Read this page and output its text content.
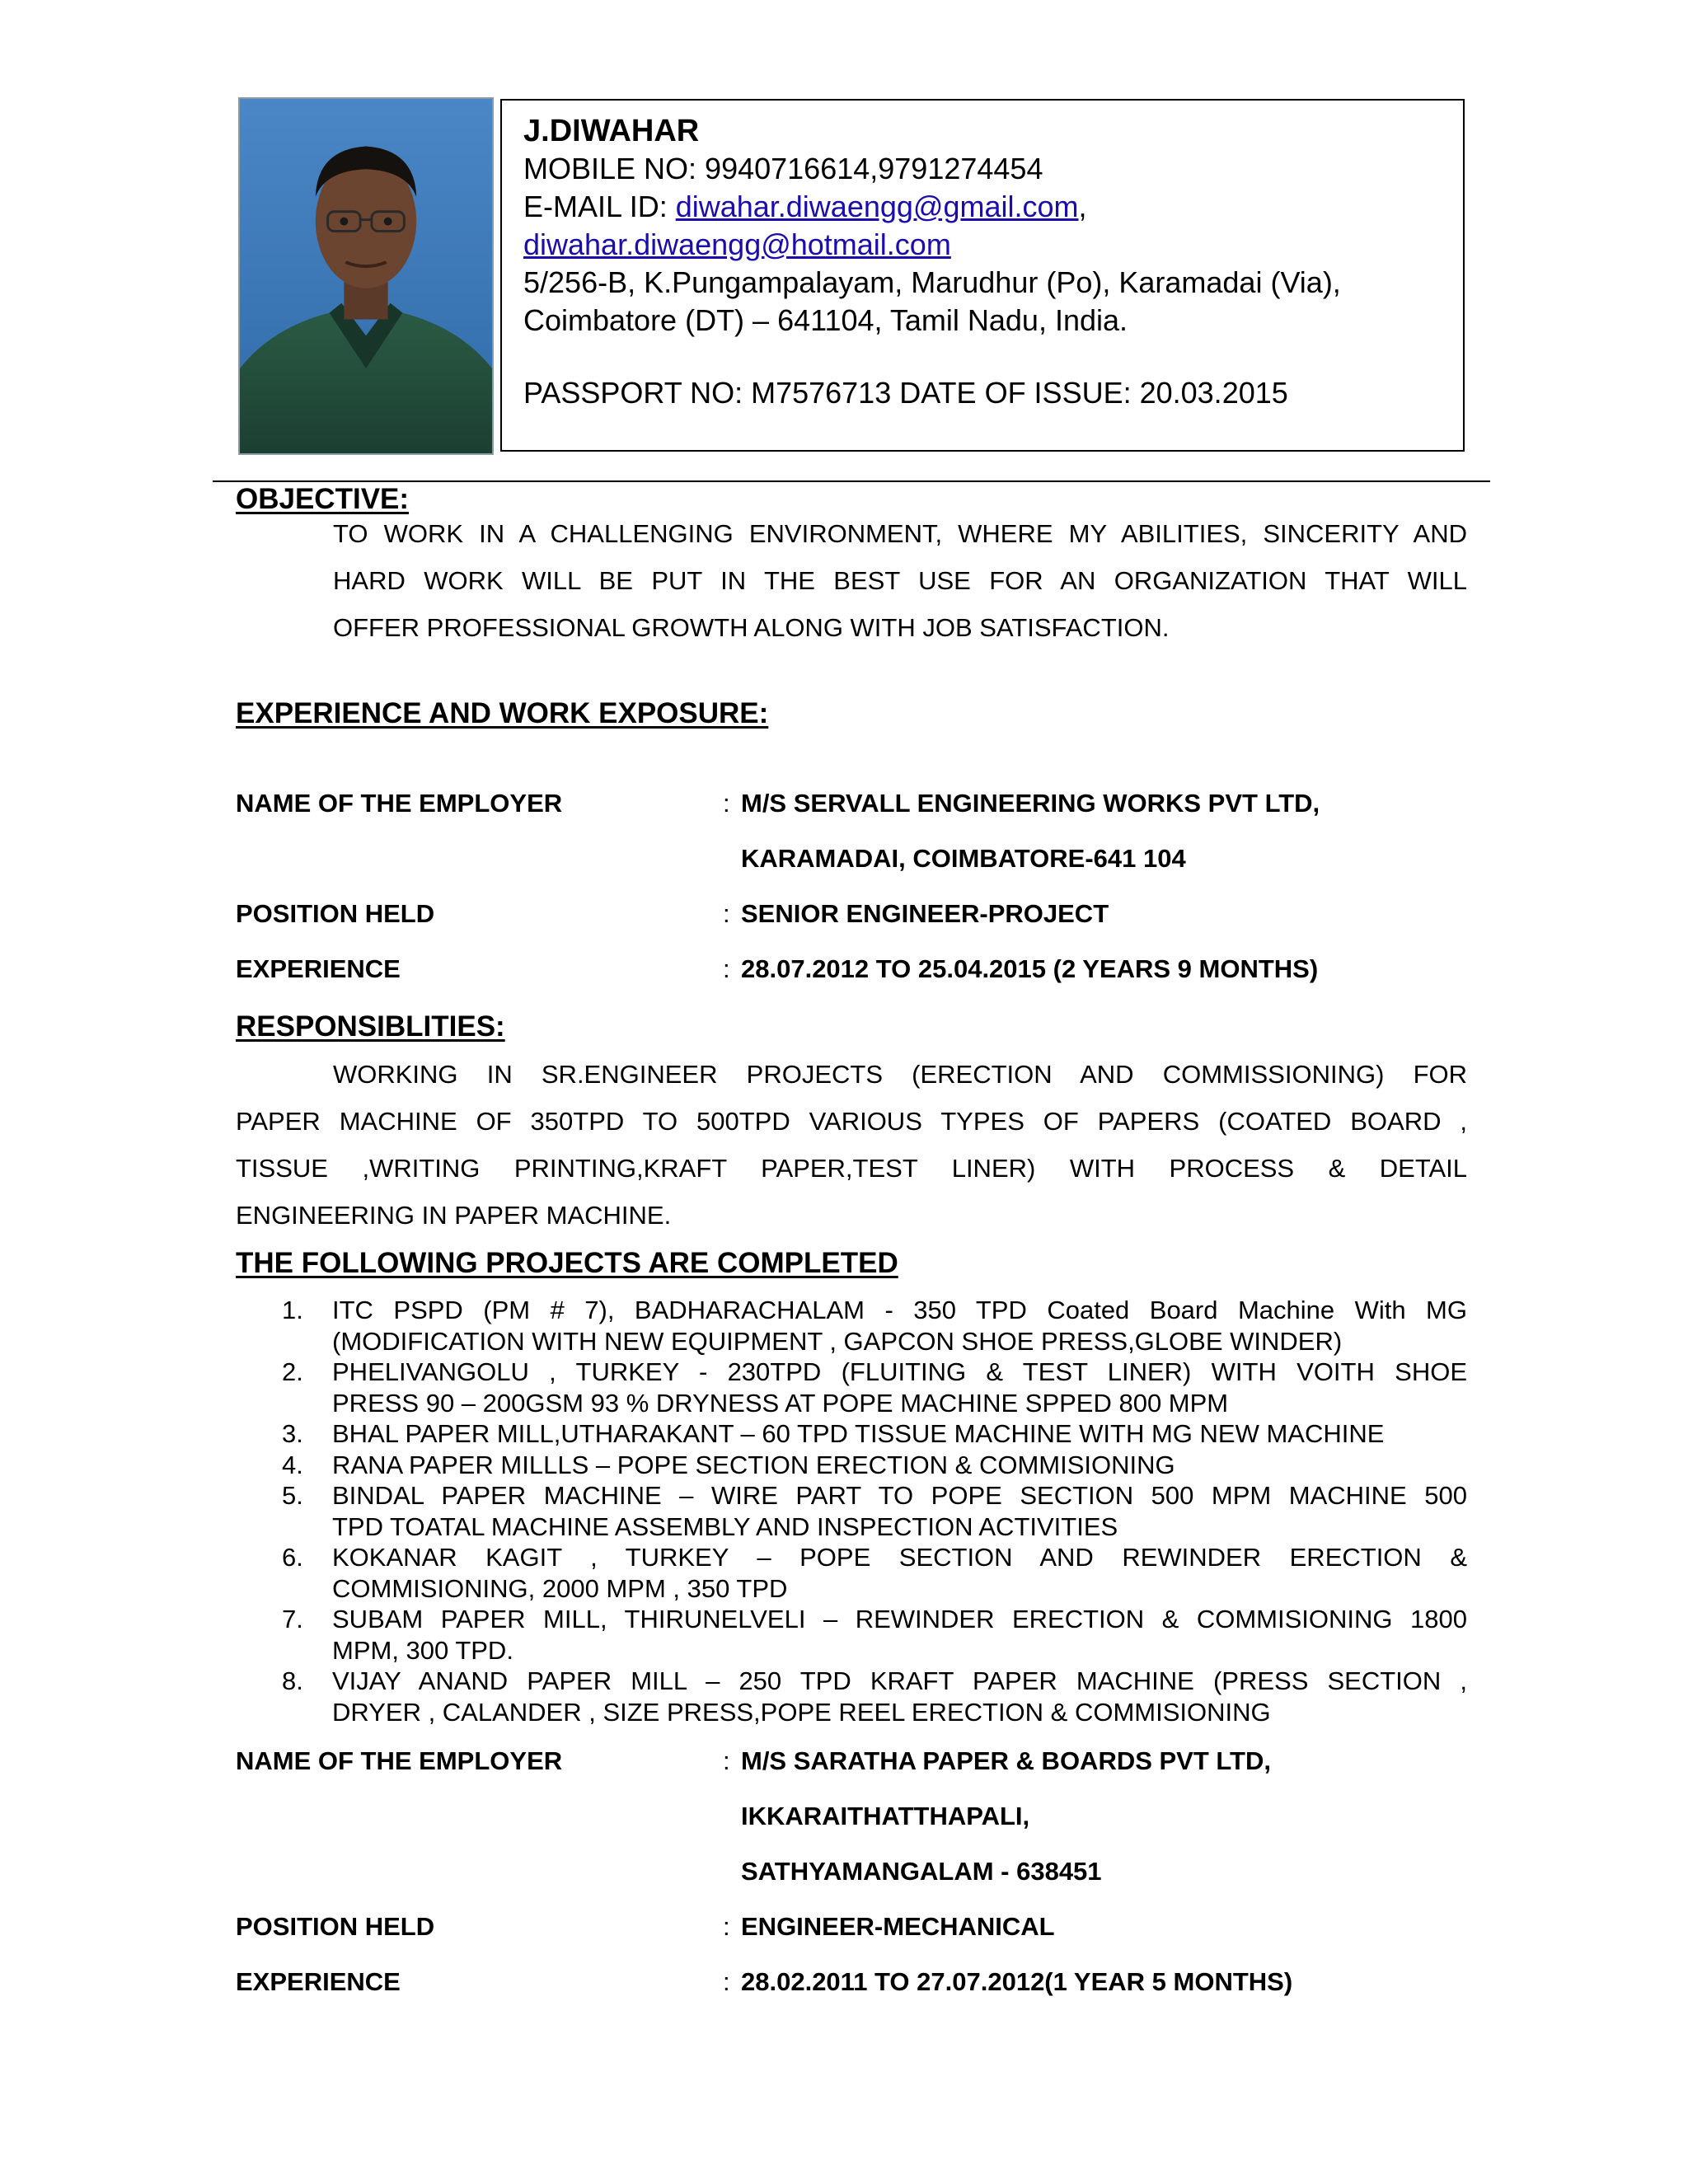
J.DIWAHAR
MOBILE NO: 9940716614,9791274454
E-MAIL ID: diwahar.diwaengg@gmail.com,
diwahar.diwaengg@hotmail.com
5/256-B, K.Pungampalayam, Marudhur (Po), Karamadai (Via),
Coimbatore (DT) – 641104, Tamil Nadu, India.
PASSPORT NO: M7576713 DATE OF ISSUE: 20.03.2015
OBJECTIVE:
TO WORK IN A CHALLENGING ENVIRONMENT, WHERE MY ABILITIES, SINCERITY AND
HARD WORK WILL BE PUT IN THE BEST USE FOR AN ORGANIZATION THAT WILL
OFFER PROFESSIONAL GROWTH ALONG WITH JOB SATISFACTION.
EXPERIENCE AND WORK EXPOSURE:
NAME OF THE EMPLOYER	: M/S SERVALL ENGINEERING WORKS PVT LTD,
KARAMADAI, COIMBATORE-641 104
POSITION HELD	: SENIOR ENGINEER-PROJECT
EXPERIENCE	: 28.07.2012 TO 25.04.2015 (2 YEARS 9 MONTHS)
RESPONSIBLITIES:
WORKING IN SR.ENGINEER PROJECTS (ERECTION AND COMMISSIONING) FOR
PAPER MACHINE OF 350TPD TO 500TPD VARIOUS TYPES OF PAPERS (COATED BOARD ,
TISSUE ,WRITING PRINTING,KRAFT PAPER,TEST LINER) WITH PROCESS & DETAIL
ENGINEERING IN PAPER MACHINE.
THE FOLLOWING PROJECTS ARE COMPLETED
1. ITC PSPD (PM # 7), BADHARACHALAM - 350 TPD Coated Board Machine With MG
(MODIFICATION WITH NEW EQUIPMENT , GAPCON SHOE PRESS,GLOBE WINDER)
2. PHELIVANGOLU , TURKEY - 230TPD (FLUITING & TEST LINER) WITH VOITH SHOE
PRESS 90 – 200GSM 93 % DRYNESS AT POPE MACHINE SPPED 800 MPM
3. BHAL PAPER MILL,UTHARAKANT – 60 TPD TISSUE MACHINE WITH MG NEW MACHINE
4. RANA PAPER MILLLS – POPE SECTION ERECTION & COMMISIONING
5. BINDAL PAPER MACHINE – WIRE PART TO POPE SECTION 500 MPM MACHINE 500
TPD TOATAL MACHINE ASSEMBLY AND INSPECTION ACTIVITIES
6. KOKANAR KAGIT , TURKEY – POPE SECTION AND REWINDER ERECTION &
COMMISIONING, 2000 MPM , 350 TPD
7. SUBAM PAPER MILL, THIRUNELVELI – REWINDER ERECTION & COMMISIONING 1800
MPM, 300 TPD.
8. VIJAY ANAND PAPER MILL – 250 TPD KRAFT PAPER MACHINE (PRESS SECTION ,
DRYER , CALANDER , SIZE PRESS,POPE REEL ERECTION & COMMISIONING
NAME OF THE EMPLOYER	: M/S SARATHA PAPER & BOARDS PVT LTD,
IKKARAITHATTHAPALI,
SATHYAMANGALAM - 638451
POSITION HELD	: ENGINEER-MECHANICAL
EXPERIENCE	: 28.02.2011 TO 27.07.2012(1 YEAR 5 MONTHS)
